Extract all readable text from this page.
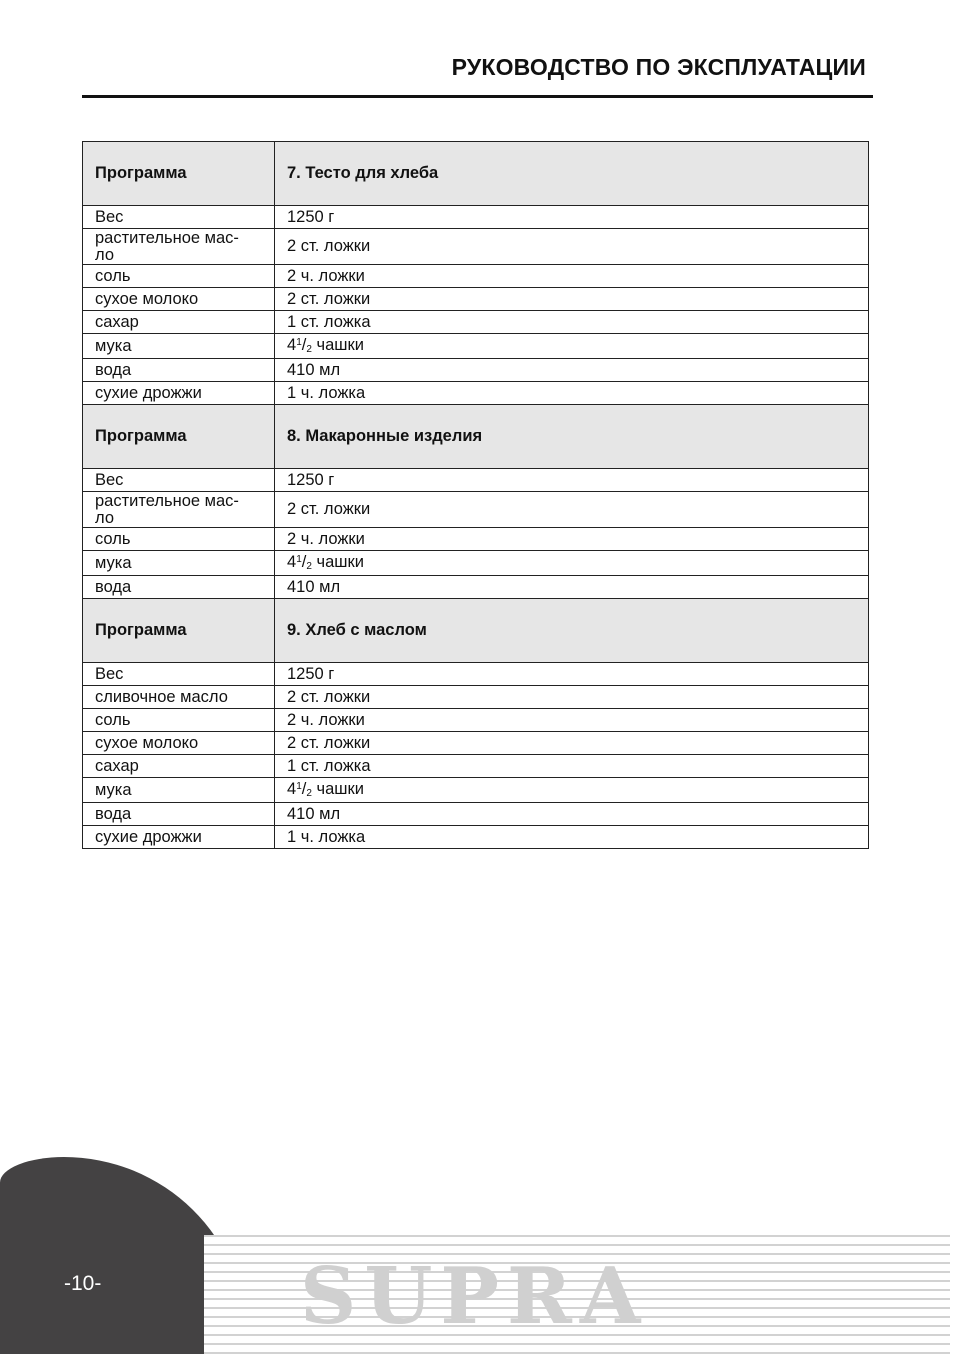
РУКОВОДСТВО ПО ЭКСПЛУАТАЦИИ
Программа	7. Тесто для хлеба
Вес	1250 г
растительное мас-
ло	2 ст. ложки
соль	2 ч. ложки
сухое молоко	2 ст. ложки
сахар	1 ст. ложка
мука	$4^1/_2$ чашки
вода	410 мл
сухие дрожжи	1 ч. ложка
Программа	8. Макаронные изделия
Вес	1250 г
растительное мас-
ло	2 ст. ложки
соль	2 ч. ложки
мука	$4^1/_2$ чашки
вода	410 мл
Программа	9. Хлеб с маслом
Вес	1250 г
сливочное масло	2 ст. ложки
соль	2 ч. ложки
сухое молоко	2 ст. ложки
сахар	1 ст. ложка
мука	$4^1/_2$ чашки
вода	410 мл
сухие дрожжи	1 ч. ложка
-10-	SUPRA
